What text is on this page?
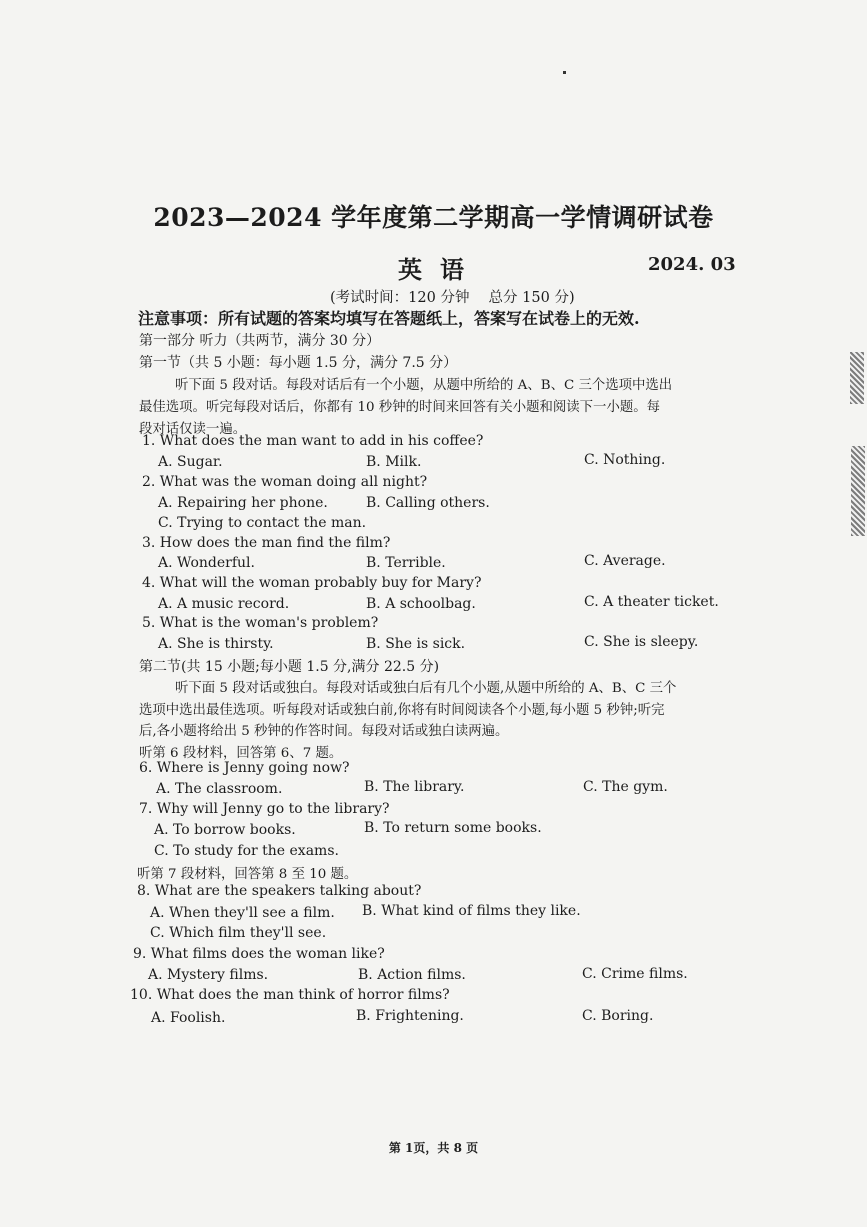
2023—2024 学年度第二学期高一学情调研试卷
英语	2024. 03
(考试时间：120 分钟　 总分 150 分)
注意事项：所有试题的答案均填写在答题纸上，答案写在试卷上的无效.
第一部分 听力（共两节，满分 30 分）
第一节（共 5 小题：每小题 1.5 分，满分 7.5 分）
听下面 5 段对话。每段对话后有一个小题，从题中所给的 A、B、C 三个选项中选出
最佳选项。听完每段对话后，你都有 10 秒钟的时间来回答有关小题和阅读下一小题。每
段对话仅读一遍。
1. What does the man want to add in his coffee?
A. Sugar.	B. Milk.	C. Nothing.
2. What was the woman doing all night?
A. Repairing her phone.	B. Calling others.
C. Trying to contact the man.
3. How does the man find the film?
A. Wonderful.	B. Terrible.	C. Average.
4. What will the woman probably buy for Mary?
A. A music record.	B. A schoolbag.	C. A theater ticket.
5. What is the woman's problem?
A. She is thirsty.	B. She is sick.	C. She is sleepy.
第二节(共 15 小题;每小题 1.5 分,满分 22.5 分)
听下面 5 段对话或独白。每段对话或独白后有几个小题,从题中所给的 A、B、C 三个
选项中选出最佳选项。听每段对话或独白前,你将有时间阅读各个小题,每小题 5 秒钟;听完
后,各小题将给出 5 秒钟的作答时间。每段对话或独白读两遍。
听第 6 段材料，回答第 6、7 题。
6. Where is Jenny going now?
A. The classroom.	B. The library.	C. The gym.
7. Why will Jenny go to the library?
A. To borrow books.	B. To return some books.
C. To study for the exams.
听第 7 段材料，回答第 8 至 10 题。
8. What are the speakers talking about?
A. When they'll see a film. B. What kind of films they like.
C. Which film they'll see.
9. What films does the woman like?
A. Mystery films.	B. Action films.	C. Crime films.
10. What does the man think of horror films?
A. Foolish.	B. Frightening.	C. Boring.
第 1页，共 8 页
